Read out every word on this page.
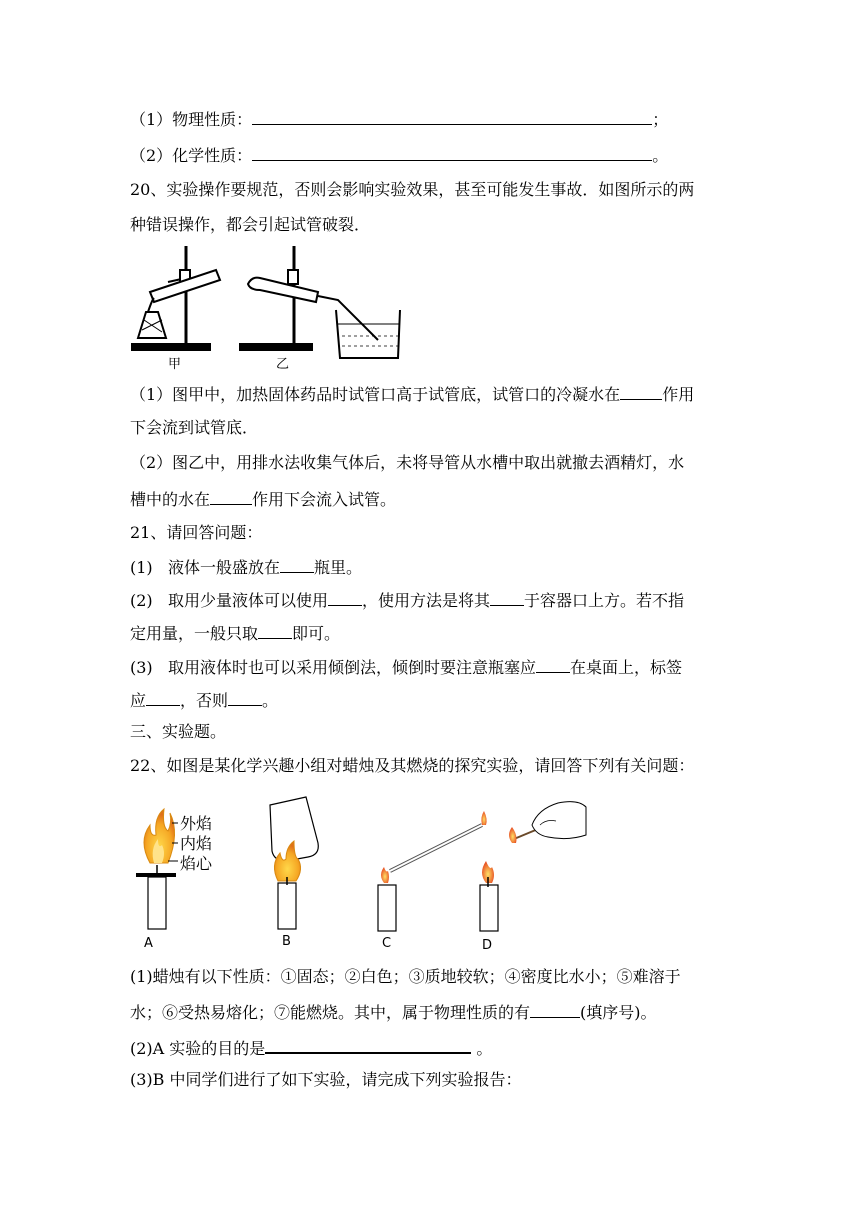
（1）物理性质：	；
（2）化学性质：	。
20、实验操作要规范，否则会影响实验效果，甚至可能发生事故．如图所示的两
种错误操作，都会引起试管破裂．
甲	乙
（1）图甲中，加热固体药品时试管口高于试管底，试管口的冷凝水在	作用
下会流到试管底．
（2）图乙中，用排水法收集气体后，未将导管从水槽中取出就撤去酒精灯，水
槽中的水在	作用下会流入试管。
21、请回答问题：
(1) 液体一般盛放在 瓶里。
(2) 取用少量液体可以使用 ，使用方法是将其 于容器口上方。若不指
定用量，一般只取 即可。
(3) 取用液体时也可以采用倾倒法，倾倒时要注意瓶塞应 在桌面上，标签
应 ，否则 。
三、实验题。
22、如图是某化学兴趣小组对蜡烛及其燃烧的探究实验，请回答下列有关问题：
外焰
内焰
焰心
A	B	C	D
(1)蜡烛有以下性质：①固态；②白色；③质地较软；④密度比水小；⑤难溶于
水；⑥受热易熔化；⑦能燃烧。其中，属于物理性质的有	(填序号)。
(2)A 实验的目的是	。
(3)B 中同学们进行了如下实验，请完成下列实验报告：
